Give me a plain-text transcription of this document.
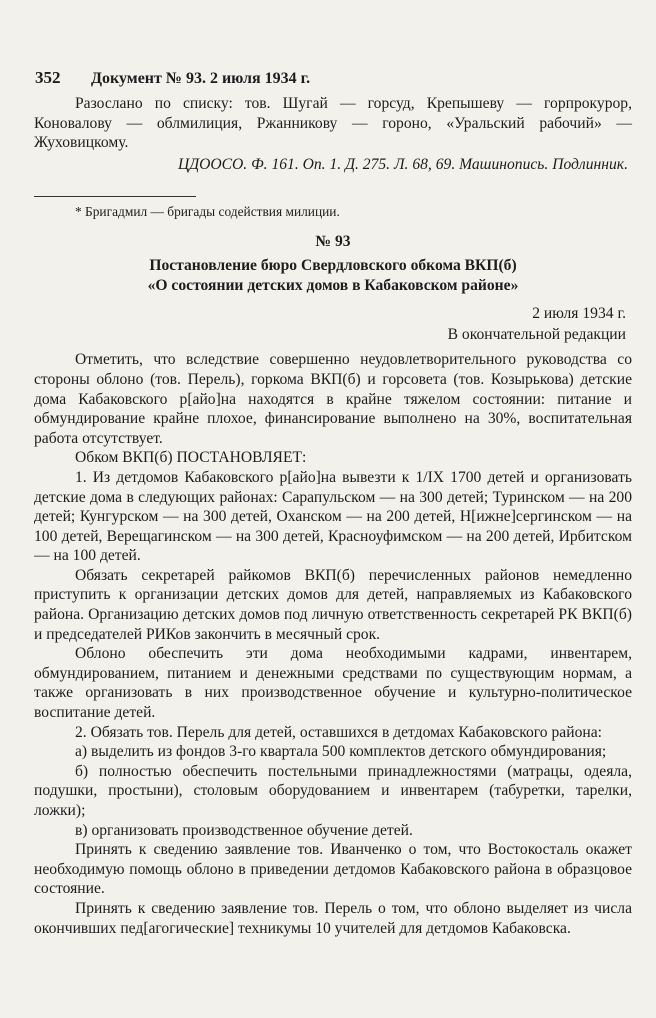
352	Документ № 93. 2 июля 1934 г.

Разослано по списку: тов. Шугай — горсуд, Крепышеву — горпрокурор, Коновалову — облмилиция, Ржанникову — гороно, «Уральский рабочий» — Жуховицкому.

ЦДООСО. Ф. 161. Оп. 1. Д. 275. Л. 68, 69. Машинопись. Подлинник.

* Бригадмил — бригады содействия милиции.

№ 93

Постановление бюро Свердловского обкома ВКП(б)
«О состоянии детских домов в Кабаковском районе»

2 июля 1934 г.

В окончательной редакции

Отметить, что вследствие совершенно неудовлетворительного руководства со стороны облоно (тов. Перель), горкома ВКП(б) и горсовета (тов. Козырькова) детские дома Кабаковского р[айо]на находятся в крайне тяжелом состоянии: питание и обмундирование крайне плохое, финансирование выполнено на 30%, воспитательная работа отсутствует.

Обком ВКП(б) ПОСТАНОВЛЯЕТ:

1. Из детдомов Кабаковского р[айо]на вывезти к 1/IX 1700 детей и организовать детские дома в следующих районах: Сарапульском — на 300 детей; Туринском — на 200 детей; Кунгурском — на 300 детей, Оханском — на 200 детей, Н[ижне]сергинском — на 100 детей, Верещагинском — на 300 детей, Красноуфимском — на 200 детей, Ирбитском — на 100 детей.

Обязать секретарей райкомов ВКП(б) перечисленных районов немедленно приступить к организации детских домов для детей, направляемых из Кабаковского района. Организацию детских домов под личную ответственность секретарей РК ВКП(б) и председателей РИКов закончить в месячный срок.

Облоно обеспечить эти дома необходимыми кадрами, инвентарем, обмундированием, питанием и денежными средствами по существующим нормам, а также организовать в них производственное обучение и культурно-политическое воспитание детей.

2. Обязать тов. Перель для детей, оставшихся в детдомах Кабаковского района:

а) выделить из фондов 3-го квартала 500 комплектов детского обмундирования;

б) полностью обеспечить постельными принадлежностями (матрацы, одеяла, подушки, простыни), столовым оборудованием и инвентарем (табуретки, тарелки, ложки);

в) организовать производственное обучение детей.

Принять к сведению заявление тов. Иванченко о том, что Востокосталь окажет необходимую помощь облоно в приведении детдомов Кабаковского района в образцовое состояние.

Принять к сведению заявление тов. Перель о том, что облоно выделяет из числа окончивших пед[агогические] техникумы 10 учителей для детдомов Кабаковска.
